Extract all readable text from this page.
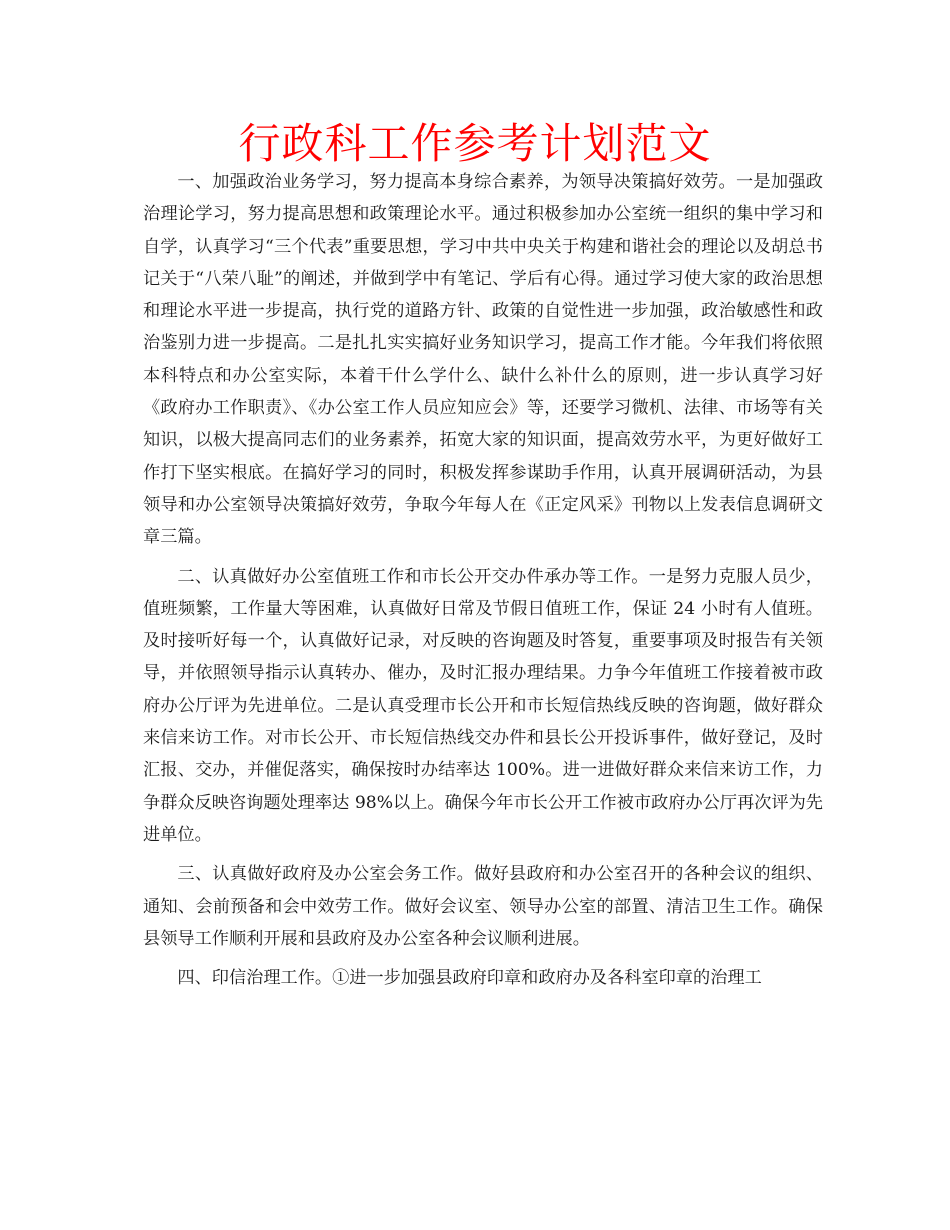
行政科工作参考计划范文

一、加强政治业务学习，努力提高本身综合素养，为领导决策搞好效劳。一是加强政治理论学习，努力提高思想和政策理论水平。通过积极参加办公室统一组织的集中学习和自学，认真学习“三个代表”重要思想，学习中共中央关于构建和谐社会的理论以及胡总书记关于“八荣八耻”的阐述，并做到学中有笔记、学后有心得。通过学习使大家的政治思想和理论水平进一步提高，执行党的道路方针、政策的自觉性进一步加强，政治敏感性和政治鉴别力进一步提高。二是扎扎实实搞好业务知识学习，提高工作才能。今年我们将依照本科特点和办公室实际，本着干什么学什么、缺什么补什么的原则，进一步认真学习好《政府办工作职责》、《办公室工作人员应知应会》等，还要学习微机、法律、市场等有关知识，以极大提高同志们的业务素养，拓宽大家的知识面，提高效劳水平，为更好做好工作打下坚实根底。在搞好学习的同时，积极发挥参谋助手作用，认真开展调研活动，为县领导和办公室领导决策搞好效劳，争取今年每人在《正定风采》刊物以上发表信息调研文章三篇。

二、认真做好办公室值班工作和市长公开交办件承办等工作。一是努力克服人员少，值班频繁，工作量大等困难，认真做好日常及节假日值班工作，保证 24 小时有人值班。及时接听好每一个，认真做好记录，对反映的咨询题及时答复，重要事项及时报告有关领导，并依照领导指示认真转办、催办，及时汇报办理结果。力争今年值班工作接着被市政府办公厅评为先进单位。二是认真受理市长公开和市长短信热线反映的咨询题，做好群众来信来访工作。对市长公开、市长短信热线交办件和县长公开投诉事件，做好登记，及时汇报、交办，并催促落实，确保按时办结率达 100%。进一进做好群众来信来访工作，力争群众反映咨询题处理率达 98%以上。确保今年市长公开工作被市政府办公厅再次评为先进单位。

三、认真做好政府及办公室会务工作。做好县政府和办公室召开的各种会议的组织、通知、会前预备和会中效劳工作。做好会议室、领导办公室的部置、清洁卫生工作。确保县领导工作顺利开展和县政府及办公室各种会议顺利进展。

四、印信治理工作。①进一步加强县政府印章和政府办及各科室印章的治理工
